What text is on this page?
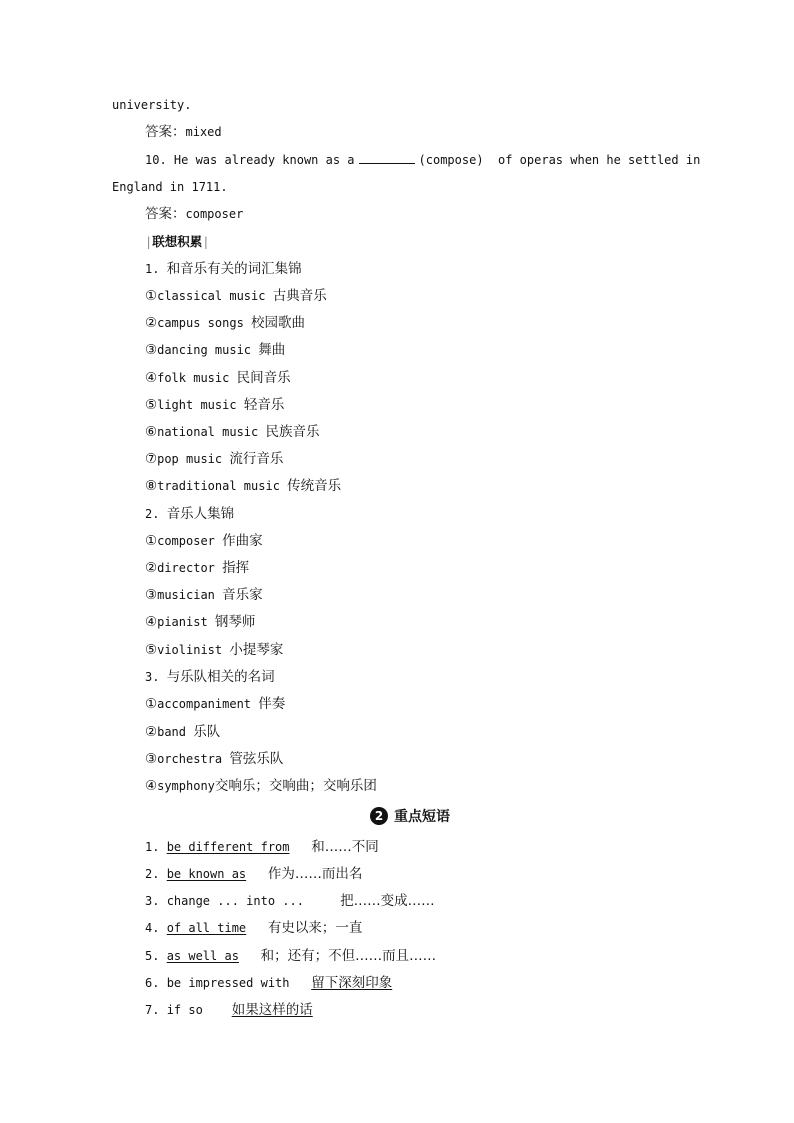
university.
答案：mixed
10. He was already known as a	(compose) of operas when he settled in
England in 1711.
答案：composer
|联想积累|
1. 和音乐有关的词汇集锦
①classical music 古典音乐
②campus songs 校园歌曲
③dancing music 舞曲
④folk music 民间音乐
⑤light music 轻音乐
⑥national music 民族音乐
⑦pop music 流行音乐
⑧traditional music 传统音乐
2. 音乐人集锦
①composer 作曲家
②director 指挥
③musician 音乐家
④pianist 钢琴师
⑤violinist 小提琴家
3. 与乐队相关的名词
①accompaniment 伴奏
②band 乐队
③orchestra 管弦乐队
④symphony交响乐；交响曲；交响乐团
2 重点短语
1. be different from 和……不同
2. be known as 作为……而出名
3. change ... into ...	把……变成……
4. of all time 有史以来；一直
5. as well as 和；还有；不但……而且……
6. be impressed with 留下深刻印象
7. if so 如果这样的话
